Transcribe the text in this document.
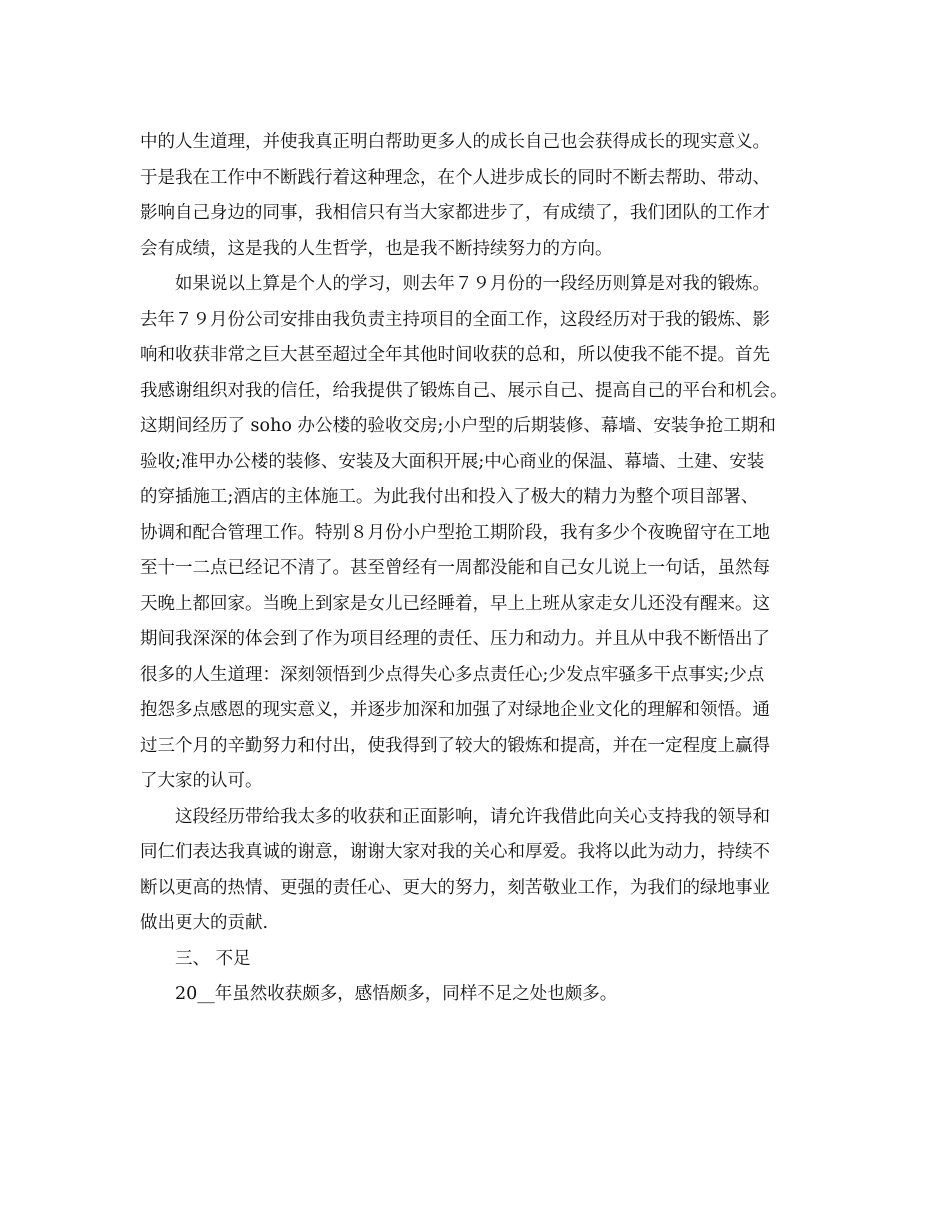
中的人生道理，并使我真正明白帮助更多人的成长自己也会获得成长的现实意义。
于是我在工作中不断践行着这种理念，在个人进步成长的同时不断去帮助、带动、
影响自己身边的同事，我相信只有当大家都进步了，有成绩了，我们团队的工作才
会有成绩，这是我的人生哲学，也是我不断持续努力的方向。
如果说以上算是个人的学习，则去年７９月份的一段经历则算是对我的锻炼。
去年７９月份公司安排由我负责主持项目的全面工作，这段经历对于我的锻炼、影
响和收获非常之巨大甚至超过全年其他时间收获的总和，所以使我不能不提。首先
我感谢组织对我的信任，给我提供了锻炼自己、展示自己、提高自己的平台和机会。
这期间经历了 soho 办公楼的验收交房;小户型的后期装修、幕墙、安装争抢工期和
验收;准甲办公楼的装修、安装及大面积开展;中心商业的保温、幕墙、土建、安装
的穿插施工;酒店的主体施工。为此我付出和投入了极大的精力为整个项目部署、
协调和配合管理工作。特别８月份小户型抢工期阶段，我有多少个夜晚留守在工地
至十一二点已经记不清了。甚至曾经有一周都没能和自己女儿说上一句话，虽然每
天晚上都回家。当晚上到家是女儿已经睡着，早上上班从家走女儿还没有醒来。这
期间我深深的体会到了作为项目经理的责任、压力和动力。并且从中我不断悟出了
很多的人生道理：深刻领悟到少点得失心多点责任心;少发点牢骚多干点事实;少点
抱怨多点感恩的现实意义，并逐步加深和加强了对绿地企业文化的理解和领悟。通
过三个月的辛勤努力和付出，使我得到了较大的锻炼和提高，并在一定程度上赢得
了大家的认可。
这段经历带给我太多的收获和正面影响，请允许我借此向关心支持我的领导和
同仁们表达我真诚的谢意，谢谢大家对我的关心和厚爱。我将以此为动力，持续不
断以更高的热情、更强的责任心、更大的努力，刻苦敬业工作，为我们的绿地事业
做出更大的贡献.
三、 不足
20__年虽然收获颇多，感悟颇多，同样不足之处也颇多。
